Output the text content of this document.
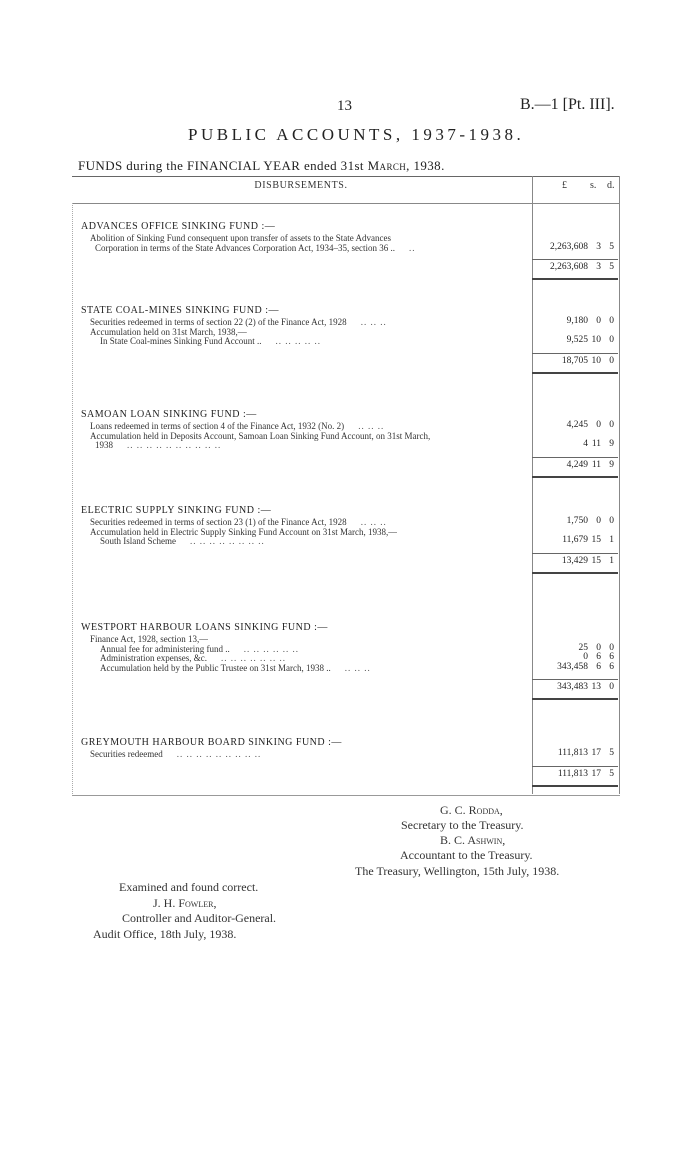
13	B.—1 [Pt. III].
PUBLIC ACCOUNTS, 1937-1938.
FUNDS during the FINANCIAL YEAR ended 31st March, 1938.
DISBURSEMENTS.	£ s. d.
ADVANCES OFFICE SINKING FUND :—
Abolition of Sinking Fund consequent upon transfer of assets to the State Advances
Corporation in terms of the State Advances Corporation Act, 1934–35, section 36 .. ..	2,263,608 3 5
2,263,608 3 5
STATE COAL-MINES SINKING FUND :—
Securities redeemed in terms of section 22 (2) of the Finance Act, 1928 .. .. ..	9,180 0 0
Accumulation held on 31st March, 1938,—
In State Coal-mines Sinking Fund Account .. .. .. .. .. ..	9,525 10 0
18,705 10 0
SAMOAN LOAN SINKING FUND :—
Loans redeemed in terms of section 4 of the Finance Act, 1932 (No. 2) .. .. ..	4,245 0 0
Accumulation held in Deposits Account, Samoan Loan Sinking Fund Account, on 31st March,
1938 .. .. .. .. .. .. .. .. .. ..	4 11 9
4,249 11 9
ELECTRIC SUPPLY SINKING FUND :—
Securities redeemed in terms of section 23 (1) of the Finance Act, 1928 .. .. ..	1,750 0 0
Accumulation held in Electric Supply Sinking Fund Account on 31st March, 1938,—
South Island Scheme .. .. .. .. .. .. .. ..	11,679 15 1
13,429 15 1
WESTPORT HARBOUR LOANS SINKING FUND :—
Finance Act, 1928, section 13,—
Annual fee for administering fund .. .. .. .. .. .. ..	25 0 0
Administration expenses, &c. .. .. .. .. .. .. ..	0 6 6
Accumulation held by the Public Trustee on 31st March, 1938 .. .. .. ..	343,458 6 6
343,483 13 0
GREYMOUTH HARBOUR BOARD SINKING FUND :—
Securities redeemed .. .. .. .. .. .. .. .. ..	111,813 17 5
111,813 17 5
G. C. Rodda,
Secretary to the Treasury.
B. C. Ashwin,
Accountant to the Treasury.
The Treasury, Wellington, 15th July, 1938.
Examined and found correct.
J. H. Fowler,
Controller and Auditor-General.
Audit Office, 18th July, 1938.
